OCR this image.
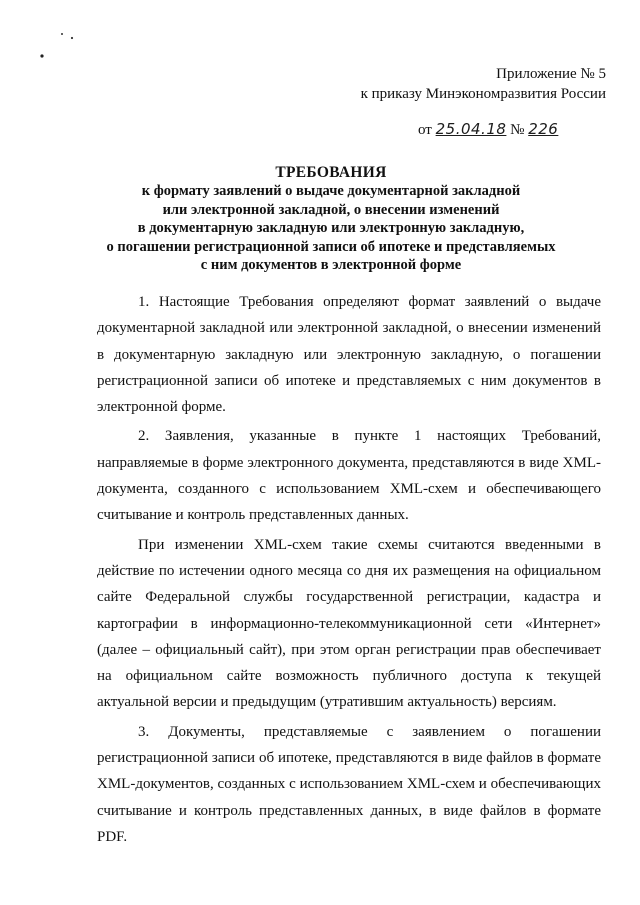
Приложение № 5
к приказу Минэкономразвития России
от 25.04.18 № 226
ТРЕБОВАНИЯ
к формату заявлений о выдаче документарной закладной
или электронной закладной, о внесении изменений
в документарную закладную или электронную закладную,
о погашении регистрационной записи об ипотеке и представляемых
с ним документов в электронной форме

1. Настоящие Требования определяют формат заявлений о выдаче документарной закладной или электронной закладной, о внесении изменений в документарную закладную или электронную закладную, о погашении регистрационной записи об ипотеке и представляемых с ним документов в электронной форме.

2. Заявления, указанные в пункте 1 настоящих Требований, направляемые в форме электронного документа, представляются в виде XML-документа, созданного с использованием XML-схем и обеспечивающего считывание и контроль представленных данных.

При изменении XML-схем такие схемы считаются введенными в действие по истечении одного месяца со дня их размещения на официальном сайте Федеральной службы государственной регистрации, кадастра и картографии в информационно-телекоммуникационной сети «Интернет» (далее – официальный сайт), при этом орган регистрации прав обеспечивает на официальном сайте возможность публичного доступа к текущей актуальной версии и предыдущим (утратившим актуальность) версиям.

3. Документы, представляемые с заявлением о погашении регистрационной записи об ипотеке, представляются в виде файлов в формате XML-документов, созданных с использованием XML-схем и обеспечивающих считывание и контроль представленных данных, в виде файлов в формате PDF.
